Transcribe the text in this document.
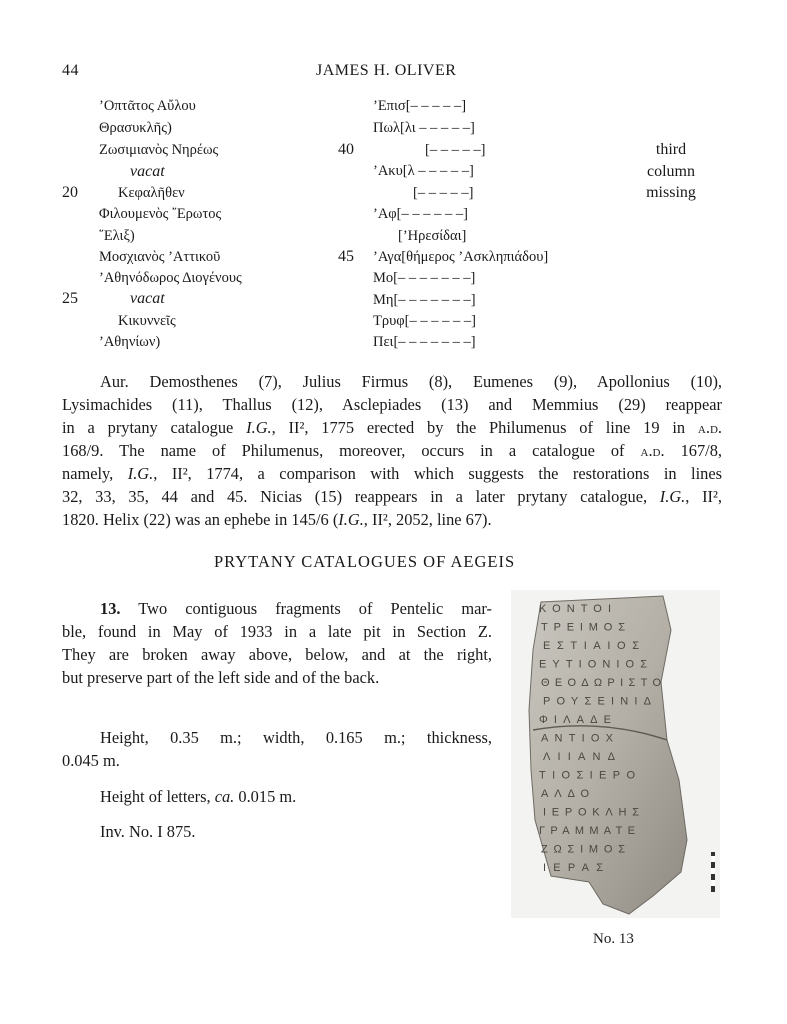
44	JAMES H. OLIVER
20
25
’Οπτᾶτος Αὔλου
Θρασυκλῆς)
Ζωσιμιανὸς Νηρέως
vacat
Κεφαλῆθεν
Φιλουμενὸς ῎Ερωτος
῞Ελιξ)
Μοσχιανὸς ’Αττικοῦ
’Αθηνόδωρος Διογένους
vacat
Κικυννεῖς
’Αθηνίων)
40
45
’Επισ[– – – – –]
Πωλ[λι – – – – –]
[– – – – –]
’Ακυ[λ – – – – –]
[– – – – –]
’Αφ[– – – – – –]
[’Ηρεσίδαι]
’Αγα[θήμερος ’Ασκληπιάδου]
Μο[– – – – – – –]
Μη[– – – – – – –]
Τρυφ[– – – – – –]
Πει[– – – – – – –]
third
column
missing
Aur. Demosthenes (7), Julius Firmus (8), Eumenes (9), Apollonius (10),
Lysimachides (11), Thallus (12), Asclepiades (13) and Memmius (29) reappear
in a prytany catalogue I.G., II², 1775 erected by the Philumenus of line 19 in a.d.
168/9. The name of Philumenus, moreover, occurs in a catalogue of a.d. 167/8,
namely, I.G., II², 1774, a comparison with which suggests the restorations in lines
32, 33, 35, 44 and 45. Nicias (15) reappears in a later prytany catalogue, I.G., II²,
1820. Helix (22) was an ephebe in 145/6 (I.G., II², 2052, line 67).
PRYTANY CATALOGUES OF AEGEIS
13. Two contiguous fragments of Pentelic mar-
ble, found in May of 1933 in a late pit in Section Ζ.
They are broken away above, below, and at the right,
but preserve part of the left side and of the back.
Height, 0.35 m.; width, 0.165 m.; thickness,
0.045 m.
Height of letters, ca. 0.015 m.
Inv. No. I 875.
ΚΟΝΤΟΙ
ΤΡΕΙΜΟΣ
ΕΣΤΙΑΙΟΣ
ΕΥΤΙΟΝΙΟΣ
ΘΕΟΔΩΡΙΣΤΟ
ΡΟΥΣΕΙΝΙΔ
ΦΙΛΑΔΕ
ΑΝΤΙΟΧ
ΛΙΙΑΝΔ
ΤΙΟΣΙΕΡΟ
ΑΛΔΟ
ΙΕΡΟΚΛΗΣ
ΓΡΑΜΜΑΤΕ
ΖΩΣΙΜΟΣ
ΙΕΡΑΣ
No. 13
